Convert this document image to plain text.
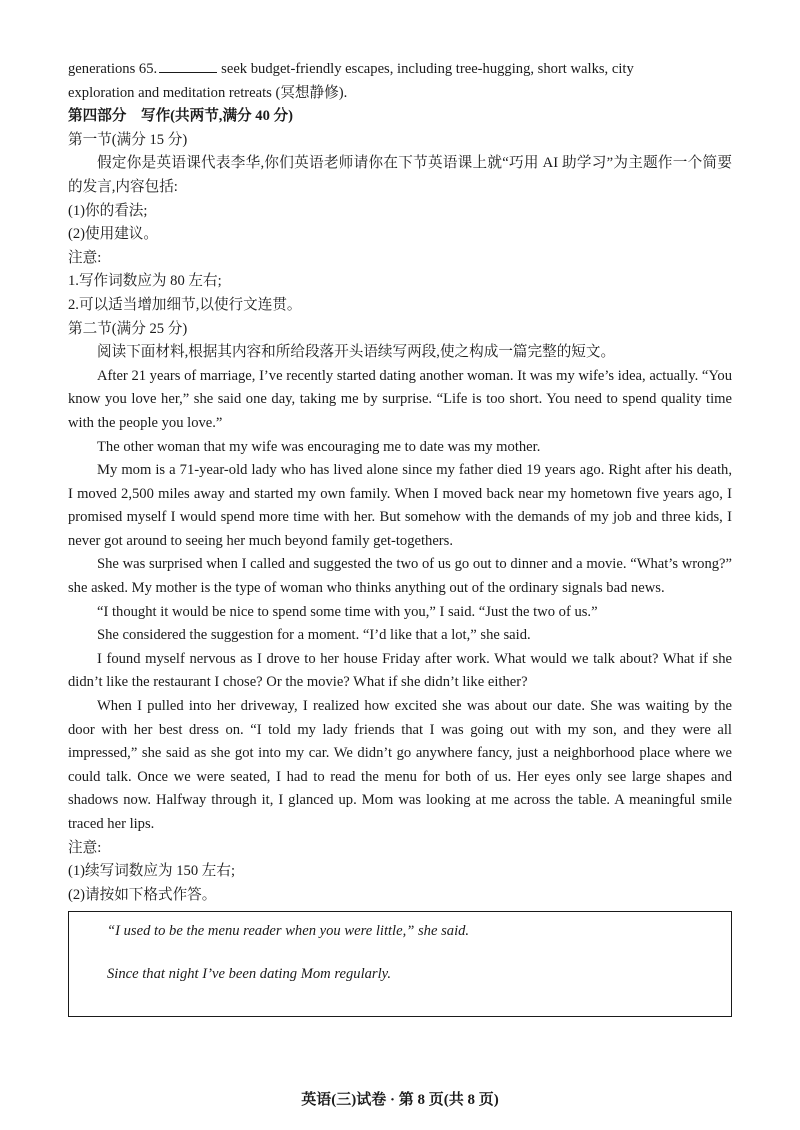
generations 65.	seek budget-friendly escapes, including tree-hugging, short walks, city

exploration and meditation retreats (冥想静修).

第四部分　写作(共两节,满分 40 分)

第一节(满分 15 分)

假定你是英语课代表李华,你们英语老师请你在下节英语课上就“巧用 AI 助学习”为主题作一个简要的发言,内容包括:

(1)你的看法;

(2)使用建议。

注意:

1.写作词数应为 80 左右;

2.可以适当增加细节,以使行文连贯。

第二节(满分 25 分)

阅读下面材料,根据其内容和所给段落开头语续写两段,使之构成一篇完整的短文。

After 21 years of marriage, I’ve recently started dating another woman. It was my wife’s idea, actually. “You know you love her,” she said one day, taking me by surprise. “Life is too short. You need to spend quality time with the people you love.”

The other woman that my wife was encouraging me to date was my mother.

My mom is a 71-year-old lady who has lived alone since my father died 19 years ago. Right after his death, I moved 2,500 miles away and started my own family. When I moved back near my hometown five years ago, I promised myself I would spend more time with her. But somehow with the demands of my job and three kids, I never got around to seeing her much beyond family get-togethers.

She was surprised when I called and suggested the two of us go out to dinner and a movie. “What’s wrong?” she asked. My mother is the type of woman who thinks anything out of the ordinary signals bad news.

“I thought it would be nice to spend some time with you,” I said. “Just the two of us.”

She considered the suggestion for a moment. “I’d like that a lot,” she said.

I found myself nervous as I drove to her house Friday after work. What would we talk about? What if she didn’t like the restaurant I chose? Or the movie? What if she didn’t like either?

When I pulled into her driveway, I realized how excited she was about our date. She was waiting by the door with her best dress on. “I told my lady friends that I was going out with my son, and they were all impressed,” she said as she got into my car. We didn’t go anywhere fancy, just a neighborhood place where we could talk. Once we were seated, I had to read the menu for both of us. Her eyes only see large shapes and shadows now. Halfway through it, I glanced up. Mom was looking at me across the table. A meaningful smile traced her lips.

注意:

(1)续写词数应为 150 左右;

(2)请按如下格式作答。

“I used to be the menu reader when you were little,” she said.

Since that night I’ve been dating Mom regularly.

英语(三)试卷 · 第 8 页(共 8 页)
